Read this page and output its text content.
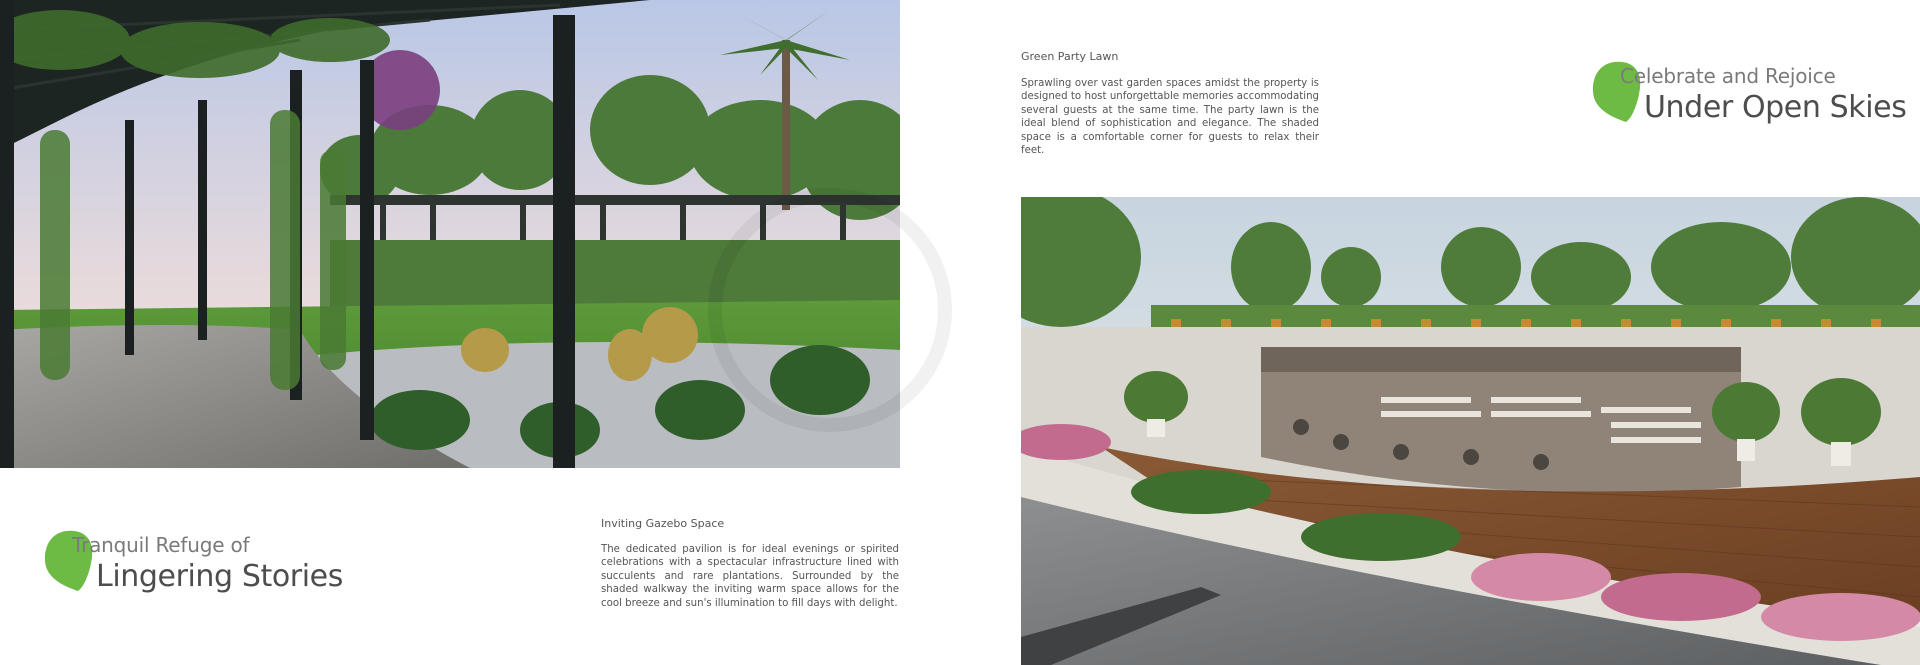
Tranquil Refuge of
Lingering Stories
Inviting Gazebo Space
The dedicated pavilion is for ideal evenings or spirited celebrations with a spectacular infrastructure lined with succulents and rare plantations. Surrounded by the shaded walkway the inviting warm space allows for the cool breeze and sun's illumination to fill days with delight.
Green Party Lawn
Sprawling over vast garden spaces amidst the property is designed to host unforgettable memories accommodating several guests at the same time. The party lawn is the ideal blend of sophistication and elegance. The shaded space is a comfortable corner for guests to relax their feet.
Celebrate and Rejoice
Under Open Skies
